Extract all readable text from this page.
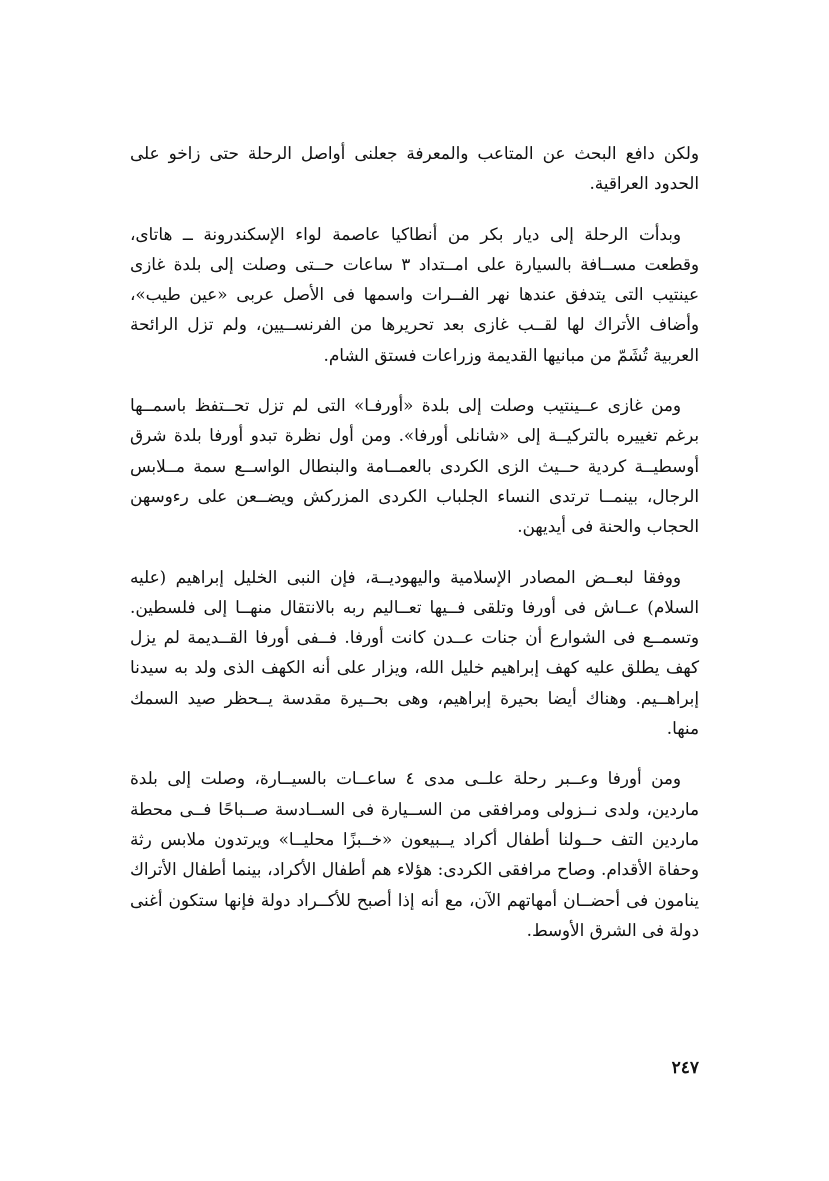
ولكن دافع البحث عن المتاعب والمعرفة جعلنى أواصل الرحلة حتى زاخو على الحدود العراقية.

وبدأت الرحلة إلى ديار بكر من أنطاكيا عاصمة لواء الإسكندرونة ــ هاتاى، وقطعت مســافة بالسيارة على امــتداد ٣ ساعات حــتى وصلت إلى بلدة غازى عينتيب التى يتدفق عندها نهر الفــرات واسمها فى الأصل عربى «عين طيب»، وأضاف الأتراك لها لقــب غازى بعد تحريرها من الفرنســيين، ولم تزل الرائحة العربية تُشَمّ من مبانيها القديمة وزراعات فستق الشام.

ومن غازى عــينتيب وصلت إلى بلدة «أورفـا» التى لم تزل تحــتفظ باسمــها برغم تغييره بالتركيــة إلى «شانلى أورفا». ومن أول نظرة تبدو أورفا بلدة شرق أوسطيــة كردية حــيث الزى الكردى بالعمــامة والبنطال الواســع سمة مــلابس الرجال، بينمــا ترتدى النساء الجلباب الكردى المزركش ويضــعن على رءوسهن الحجاب والحنة فى أيديهن.

ووفقا لبعــض المصادر الإسلامية واليهوديــة، فإن النبى الخليل إبراهيم (عليه السلام) عــاش فى أورفا وتلقى فــيها تعــاليم ربه بالانتقال منهــا إلى فلسطين. وتسمــع فى الشوارع أن جنات عــدن كانت أورفا. فــفى أورفا القــديمة لم يزل كهف يطلق عليه كهف إبراهيم خليل الله، ويزار على أنه الكهف الذى ولد به سيدنا إبراهــيم. وهناك أيضا بحيرة إبراهيم، وهى بحــيرة مقدسة يــحظر صيد السمك منها.

ومن أورفا وعــبر رحلة علــى مدى ٤ ساعــات بالسيــارة، وصلت إلى بلدة ماردين، ولدى نــزولى ومرافقى من الســيارة فى الســادسة صــباحًا فــى محطة ماردين التف حــولنا أطفال أكراد يــبيعون «خــبزًا محليــا» ويرتدون ملابس رثة وحفاة الأقدام. وصاح مرافقى الكردى: هؤلاء هم أطفال الأكراد، بينما أطفال الأتراك ينامون فى أحضــان أمهاتهم الآن، مع أنه إذا أصبح للأكــراد دولة فإنها ستكون أغنى دولة فى الشرق الأوسط.

٢٤٧
